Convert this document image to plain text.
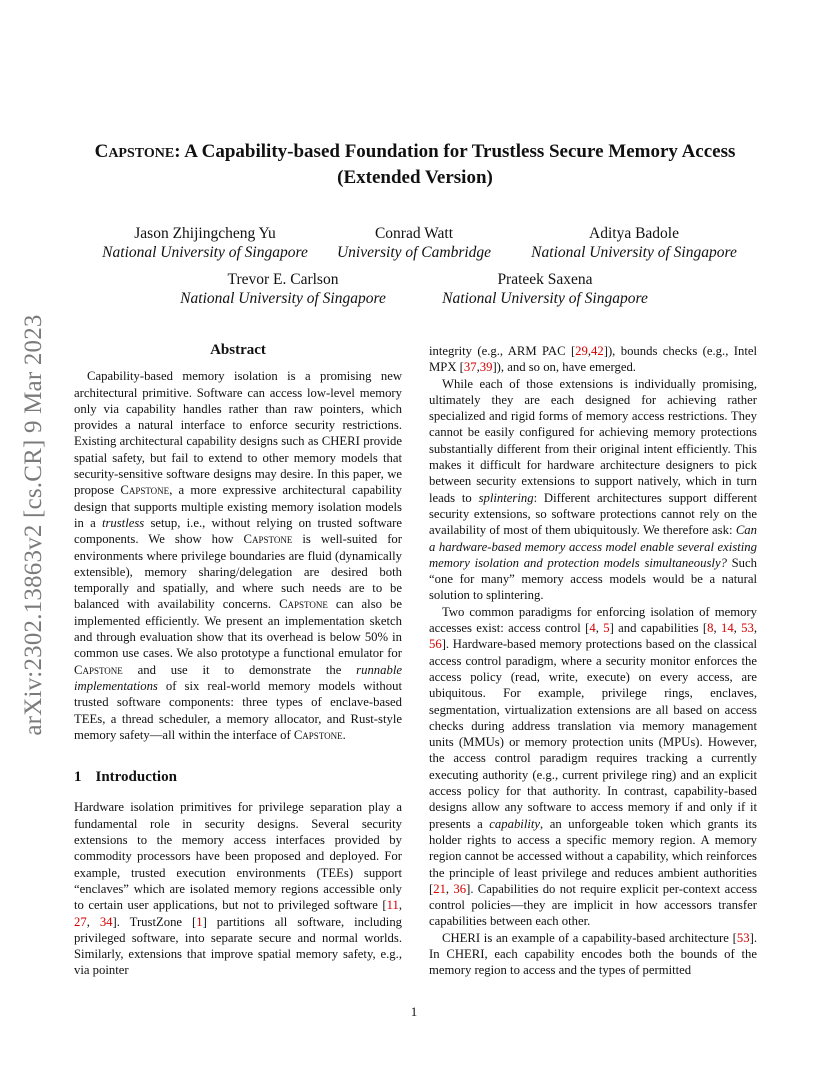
arXiv:2302.13863v2 [cs.CR] 9 Mar 2023
CAPSTONE: A Capability-based Foundation for Trustless Secure Memory Access
(Extended Version)
Jason Zhijingcheng Yu
National University of Singapore
Conrad Watt
University of Cambridge
Aditya Badole
National University of Singapore
Trevor E. Carlson
National University of Singapore
Prateek Saxena
National University of Singapore
Abstract

Capability-based memory isolation is a promising new architectural primitive. Software can access low-level memory only via capability handles rather than raw pointers, which provides a natural interface to enforce security restrictions. Existing architectural capability designs such as CHERI provide spatial safety, but fail to extend to other memory models that security-sensitive software designs may desire. In this paper, we propose Capstone, a more expressive architectural capability design that supports multiple existing memory isolation models in a trustless setup, i.e., without relying on trusted software components. We show how Capstone is well-suited for environments where privilege boundaries are fluid (dynamically extensible), memory sharing/delegation are desired both temporally and spatially, and where such needs are to be balanced with availability concerns. Capstone can also be implemented efficiently. We present an implementation sketch and through evaluation show that its overhead is below 50% in common use cases. We also prototype a functional emulator for Capstone and use it to demonstrate the runnable implementations of six real-world memory models without trusted software components: three types of enclave-based TEEs, a thread scheduler, a memory allocator, and Rust-style memory safety—all within the interface of Capstone.

1 Introduction

Hardware isolation primitives for privilege separation play a fundamental role in security designs. Several security extensions to the memory access interfaces provided by commodity processors have been proposed and deployed. For example, trusted execution environments (TEEs) support “enclaves” which are isolated memory regions accessible only to certain user applications, but not to privileged software [11, 27, 34]. TrustZone [1] partitions all software, including privileged software, into separate secure and normal worlds. Similarly, extensions that improve spatial memory safety, e.g., via pointer

integrity (e.g., ARM PAC [29,42]), bounds checks (e.g., Intel MPX [37,39]), and so on, have emerged.

While each of those extensions is individually promising, ultimately they are each designed for achieving rather specialized and rigid forms of memory access restrictions. They cannot be easily configured for achieving memory protections substantially different from their original intent efficiently. This makes it difficult for hardware architecture designers to pick between security extensions to support natively, which in turn leads to splintering: Different architectures support different security extensions, so software protections cannot rely on the availability of most of them ubiquitously. We therefore ask: Can a hardware-based memory access model enable several existing memory isolation and protection models simultaneously? Such “one for many” memory access models would be a natural solution to splintering.

Two common paradigms for enforcing isolation of memory accesses exist: access control [4, 5] and capabilities [8, 14, 53, 56]. Hardware-based memory protections based on the classical access control paradigm, where a security monitor enforces the access policy (read, write, execute) on every access, are ubiquitous. For example, privilege rings, enclaves, segmentation, virtualization extensions are all based on access checks during address translation via memory management units (MMUs) or memory protection units (MPUs). However, the access control paradigm requires tracking a currently executing authority (e.g., current privilege ring) and an explicit access policy for that authority. In contrast, capability-based designs allow any software to access memory if and only if it presents a capability, an unforgeable token which grants its holder rights to access a specific memory region. A memory region cannot be accessed without a capability, which reinforces the principle of least privilege and reduces ambient authorities [21, 36]. Capabilities do not require explicit per-context access control policies—they are implicit in how accessors transfer capabilities between each other.

CHERI is an example of a capability-based architecture [53]. In CHERI, each capability encodes both the bounds of the memory region to access and the types of permitted

1
